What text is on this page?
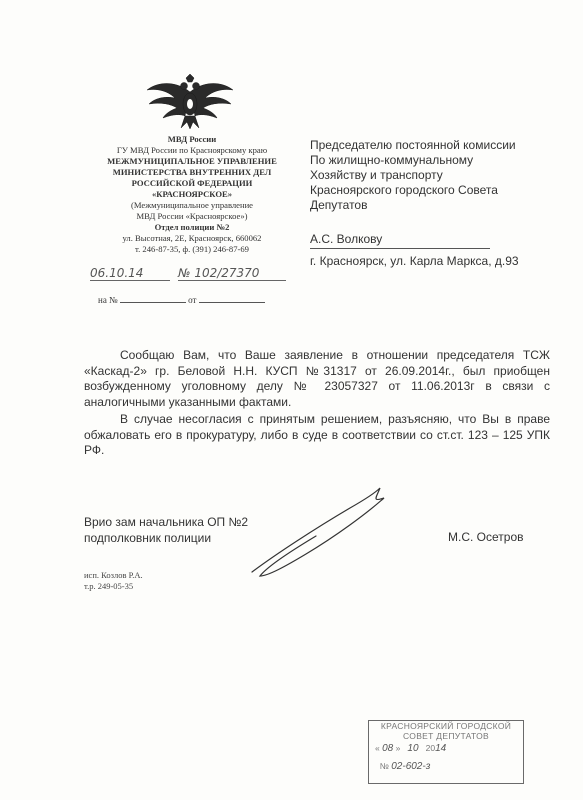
МВД России
ГУ МВД России по Красноярскому краю
МЕЖМУНИЦИПАЛЬНОЕ УПРАВЛЕНИЕ
МИНИСТЕРСТВА ВНУТРЕННИХ ДЕЛ
РОССИЙСКОЙ ФЕДЕРАЦИИ
«КРАСНОЯРСКОЕ»
(Межмуниципальное управление
МВД России «Красноярское»)
Отдел полиции №2
ул. Высотная, 2Е, Красноярск, 660062
т. 246-87-35, ф. (391) 246-87-69
Председателю постоянной комиссии
По жилищно-коммунальному
Хозяйству и транспорту
Красноярского городского Совета
Депутатов
А.С. Волкову
г. Красноярск, ул. Карла Маркса, д.93
06.10.14	№ 102/27370
на №	от

Сообщаю Вам, что Ваше заявление в отношении председателя ТСЖ «Каскад-2» гр. Беловой Н.Н. КУСП №31317 от 26.09.2014г., был приобщен возбужденному уголовному делу № 23057327 от 11.06.2013г в связи с аналогичными указанными фактами.

В случае несогласия с принятым решением, разъясняю, что Вы в праве обжаловать его в прокуратуру, либо в суде в соответствии со ст.ст. 123 – 125 УПК РФ.

Врио зам начальника ОП №2
подполковник полиции	М.С. Осетров
исп. Козлов Р.А.
т.р. 249-05-35
КРАСНОЯРСКИЙ ГОРОДСКОЙ
СОВЕТ ДЕПУТАТОВ
« 08 »   10 2014
№ 02-602-з
